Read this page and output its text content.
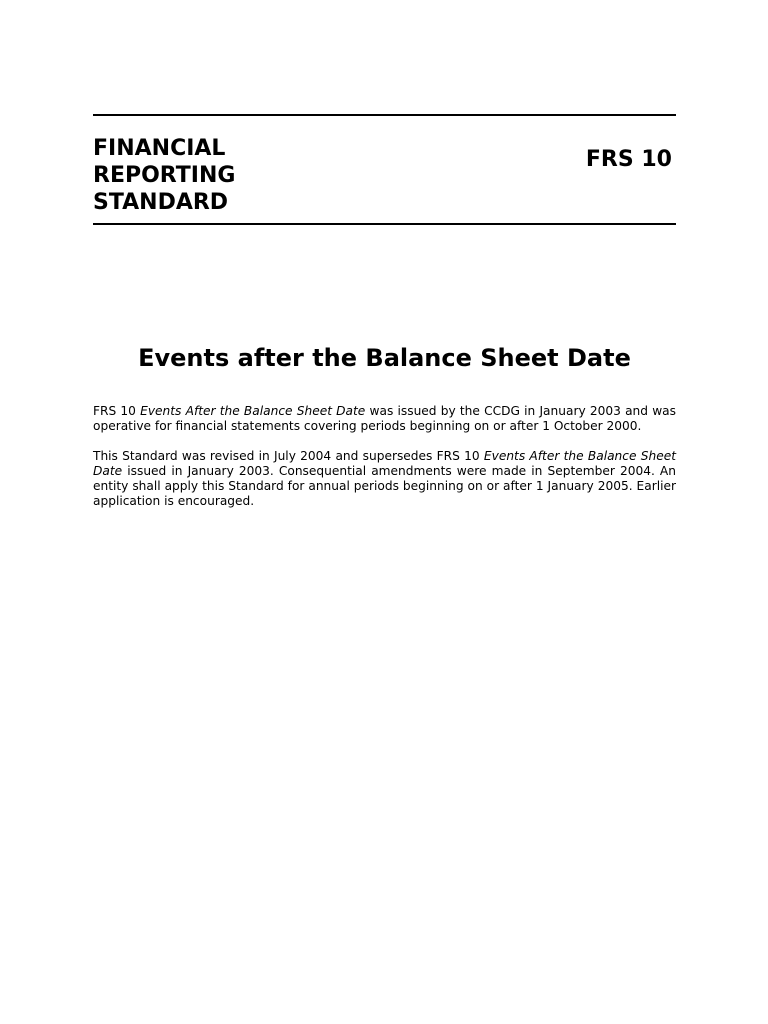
FINANCIAL
REPORTING
STANDARD
FRS 10
Events after the Balance Sheet Date

FRS 10 Events After the Balance Sheet Date was issued by the CCDG in January 2003 and was operative for financial statements covering periods beginning on or after 1 October 2000.

This Standard was revised in July 2004 and supersedes FRS 10 Events After the Balance Sheet Date issued in January 2003. Consequential amendments were made in September 2004. An entity shall apply this Standard for annual periods beginning on or after 1 January 2005. Earlier application is encouraged.
